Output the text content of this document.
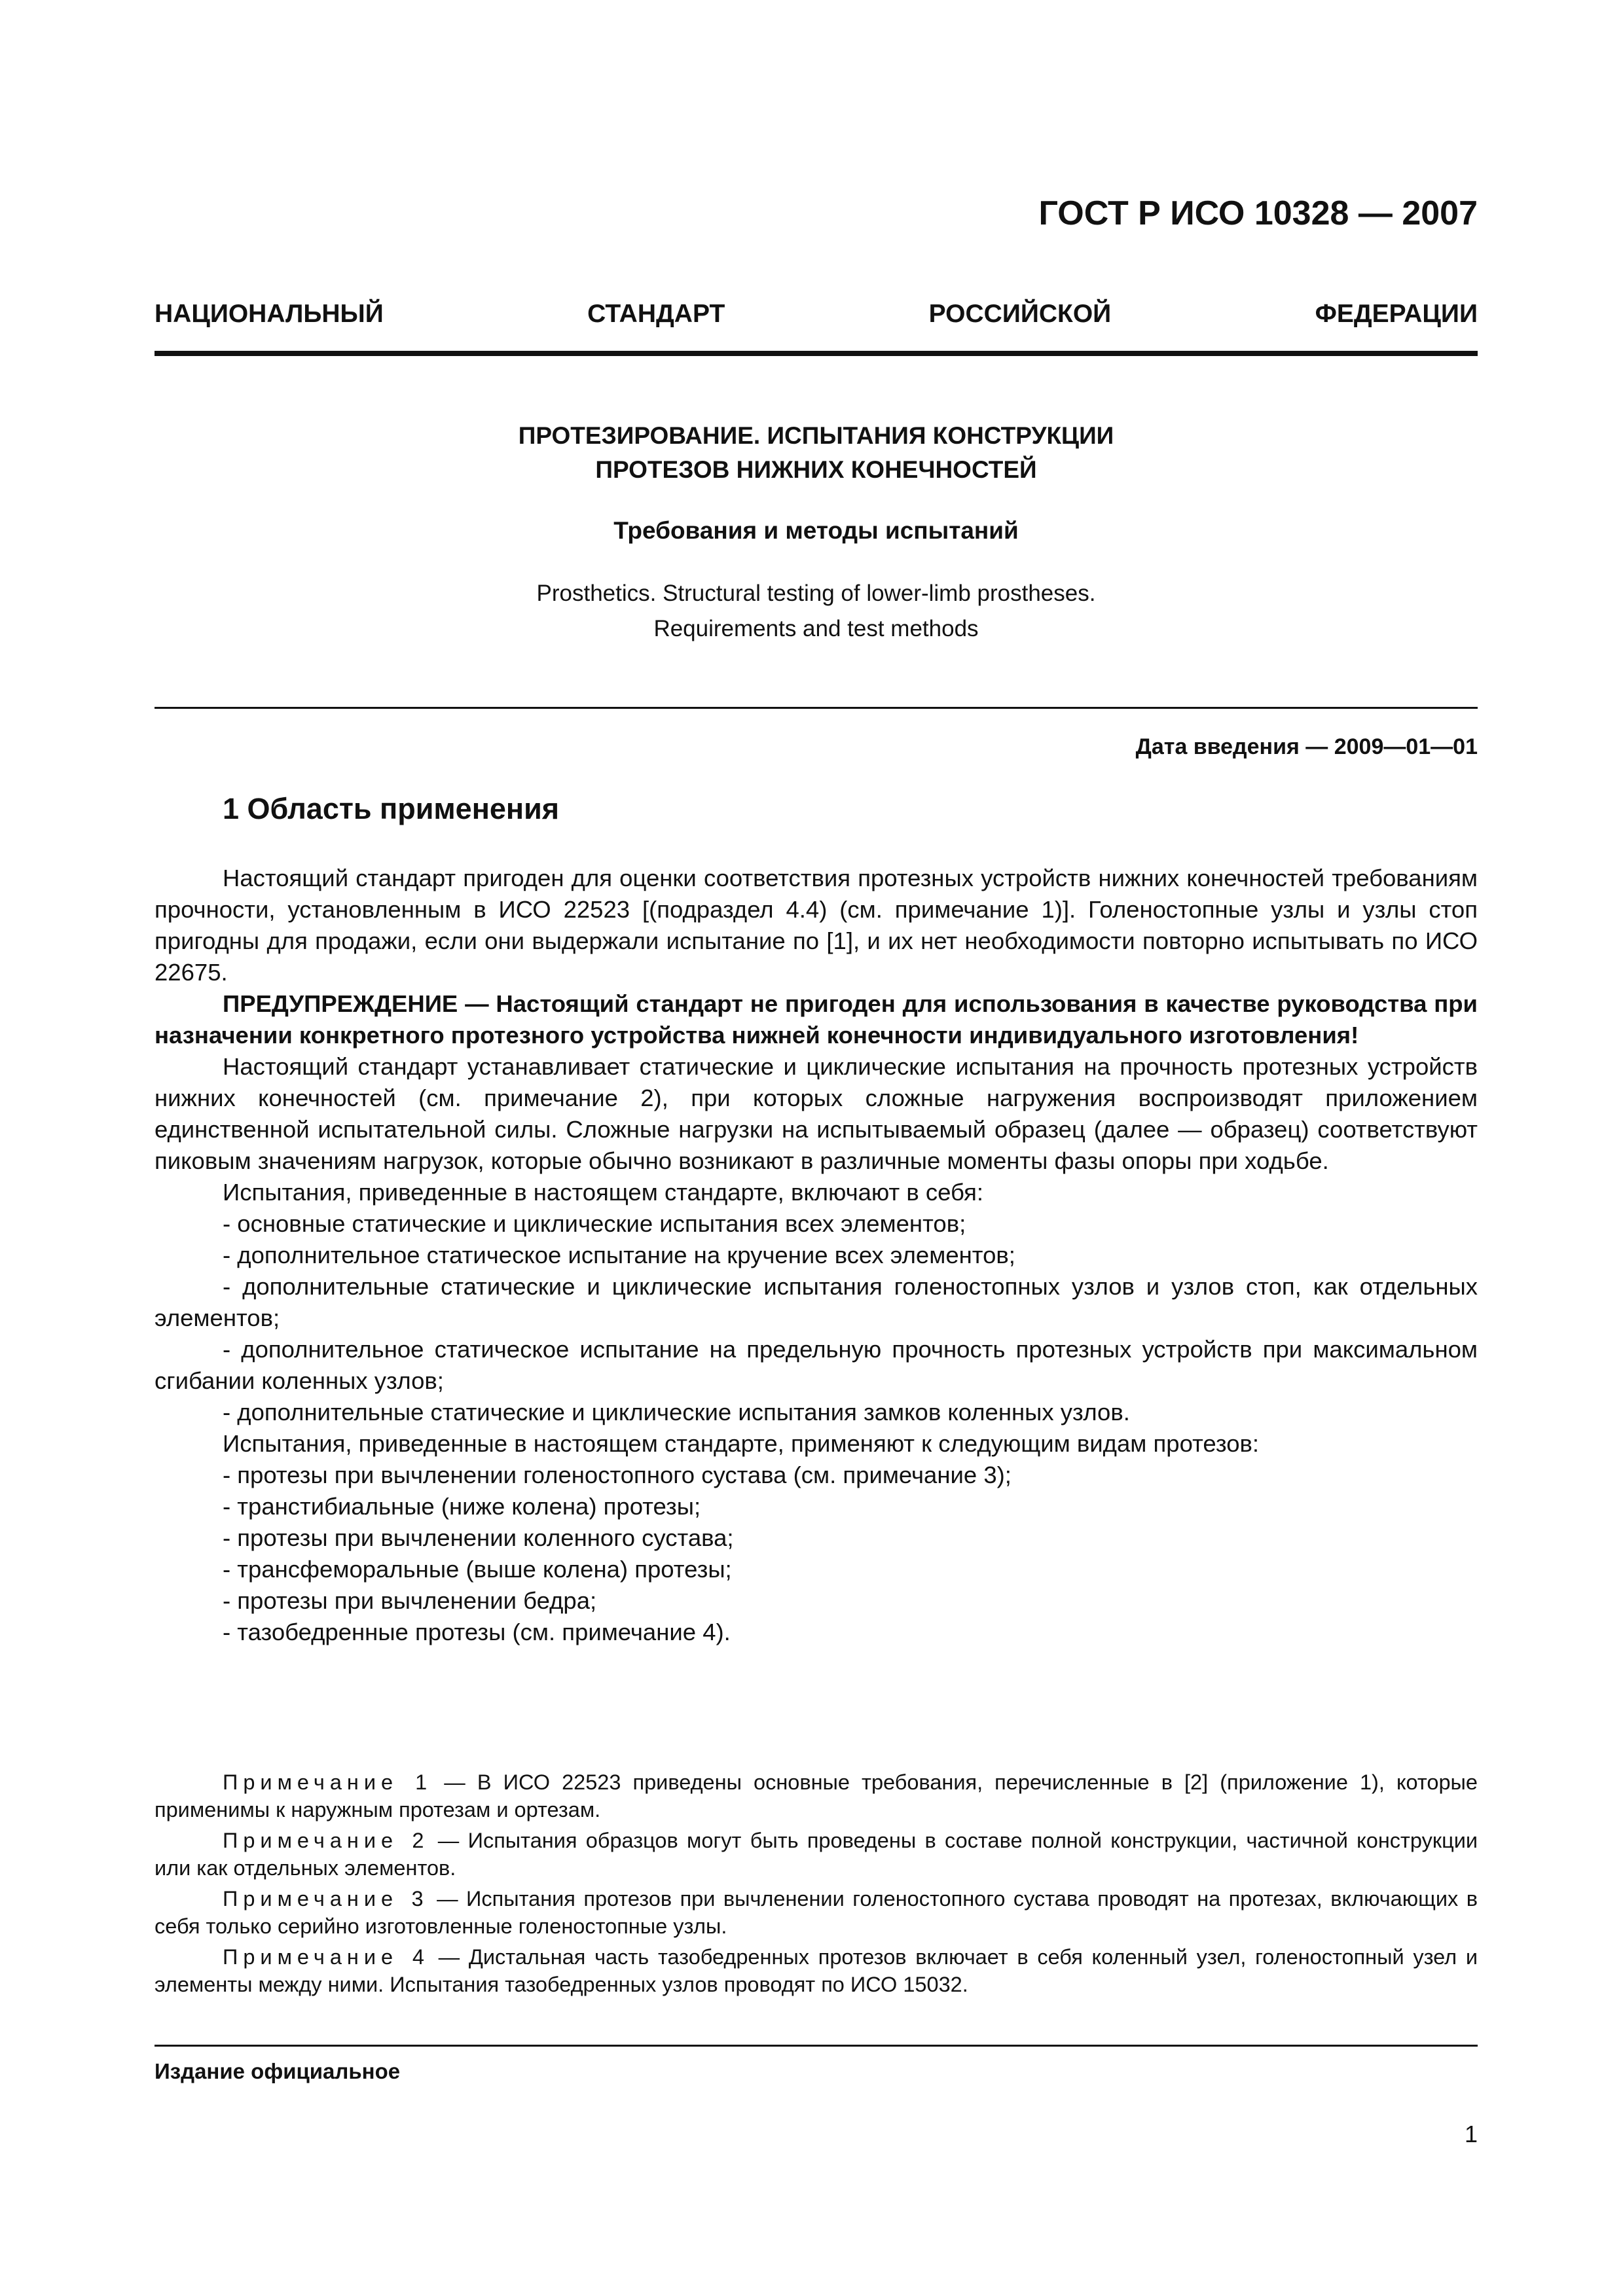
ГОСТ Р ИСО 10328 — 2007
НАЦИОНАЛЬНЫЙ	СТАНДАРТ	РОССИЙСКОЙ	ФЕДЕРАЦИИ
ПРОТЕЗИРОВАНИЕ. ИСПЫТАНИЯ КОНСТРУКЦИИ
ПРОТЕЗОВ НИЖНИХ КОНЕЧНОСТЕЙ
Требования и методы испытаний
Prosthetics. Structural testing of lower-limb prostheses.
Requirements and test methods
Дата введения — 2009—01—01
1 Область применения

Настоящий стандарт пригоден для оценки соответствия протезных устройств нижних конечностей требованиям прочности, установленным в ИСО 22523 [(подраздел 4.4) (см. примечание 1)]. Голеностопные узлы и узлы стоп пригодны для продажи, если они выдержали испытание по [1], и их нет необходимости повторно испытывать по ИСО 22675.

ПРЕДУПРЕЖДЕНИЕ — Настоящий стандарт не пригоден для использования в качестве руководства при назначении конкретного протезного устройства нижней конечности индивидуального изготовления!

Настоящий стандарт устанавливает статические и циклические испытания на прочность протезных устройств нижних конечностей (см. примечание 2), при которых сложные нагружения воспроизводят приложением единственной испытательной силы. Сложные нагрузки на испытываемый образец (далее — образец) соответствуют пиковым значениям нагрузок, которые обычно возникают в различные моменты фазы опоры при ходьбе.

Испытания, приведенные в настоящем стандарте, включают в себя:

- основные статические и циклические испытания всех элементов;

- дополнительное статическое испытание на кручение всех элементов;

- дополнительные статические и циклические испытания голеностопных узлов и узлов стоп, как отдельных элементов;

- дополнительное статическое испытание на предельную прочность протезных устройств при максимальном сгибании коленных узлов;

- дополнительные статические и циклические испытания замков коленных узлов.

Испытания, приведенные в настоящем стандарте, применяют к следующим видам протезов:

- протезы при вычленении голеностопного сустава (см. примечание 3);

- транстибиальные (ниже колена) протезы;

- протезы при вычленении коленного сустава;

- трансфеморальные (выше колена) протезы;

- протезы при вычленении бедра;

- тазобедренные протезы (см. примечание 4).

Примечание 1 — В ИСО 22523 приведены основные требования, перечисленные в [2] (приложение 1), которые применимы к наружным протезам и ортезам.

Примечание 2 — Испытания образцов могут быть проведены в составе полной конструкции, частичной конструкции или как отдельных элементов.

Примечание 3 — Испытания протезов при вычленении голеностопного сустава проводят на протезах, включающих в себя только серийно изготовленные голеностопные узлы.

Примечание 4 — Дистальная часть тазобедренных протезов включает в себя коленный узел, голеностопный узел и элементы между ними. Испытания тазобедренных узлов проводят по ИСО 15032.

Издание официальное
1
